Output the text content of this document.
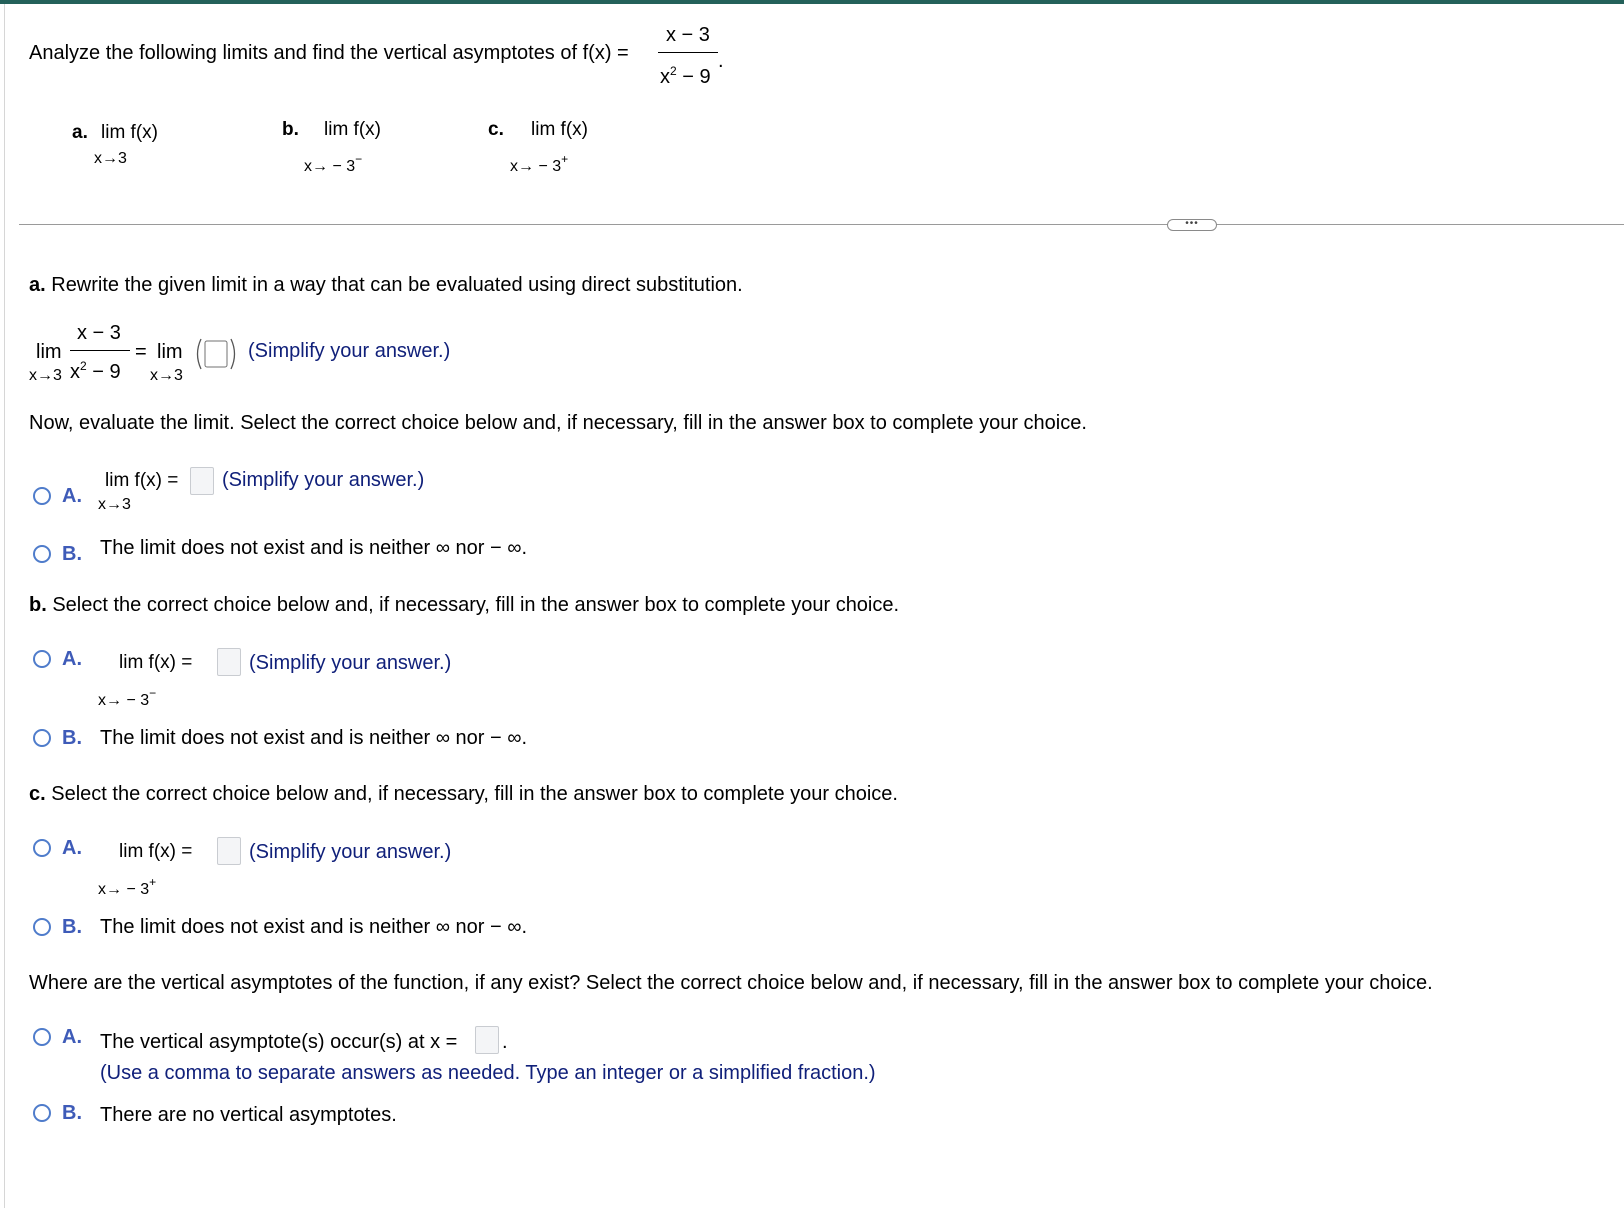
Analyze the following limits and find the vertical asymptotes of f(x) =
x − 3
$x^2 - 9$
.
a. lim f(x)
x→3
b. lim f(x)
x→ − 3−
c. lim f(x)
x→ − 3+
•••
a. Rewrite the given limit in a way that can be evaluated using direct substitution.
lim
x→3
x − 3
$x^2 - 9$
= lim
x→3
(Simplify your answer.)
Now, evaluate the limit. Select the correct choice below and, if necessary, fill in the answer box to complete your choice.
A.
lim f(x) =
x→3
(Simplify your answer.)
B. The limit does not exist and is neither ∞ nor − ∞.
b. Select the correct choice below and, if necessary, fill in the answer box to complete your choice.
A. lim f(x) =
x→ − 3−
(Simplify your answer.)
B. The limit does not exist and is neither ∞ nor − ∞.
c. Select the correct choice below and, if necessary, fill in the answer box to complete your choice.
A. lim f(x) =
x→ − 3+
(Simplify your answer.)
B. The limit does not exist and is neither ∞ nor − ∞.
Where are the vertical asymptotes of the function, if any exist? Select the correct choice below and, if necessary, fill in the answer box to complete your choice.
A. The vertical asymptote(s) occur(s) at x = .
(Use a comma to separate answers as needed. Type an integer or a simplified fraction.)
B. There are no vertical asymptotes.
